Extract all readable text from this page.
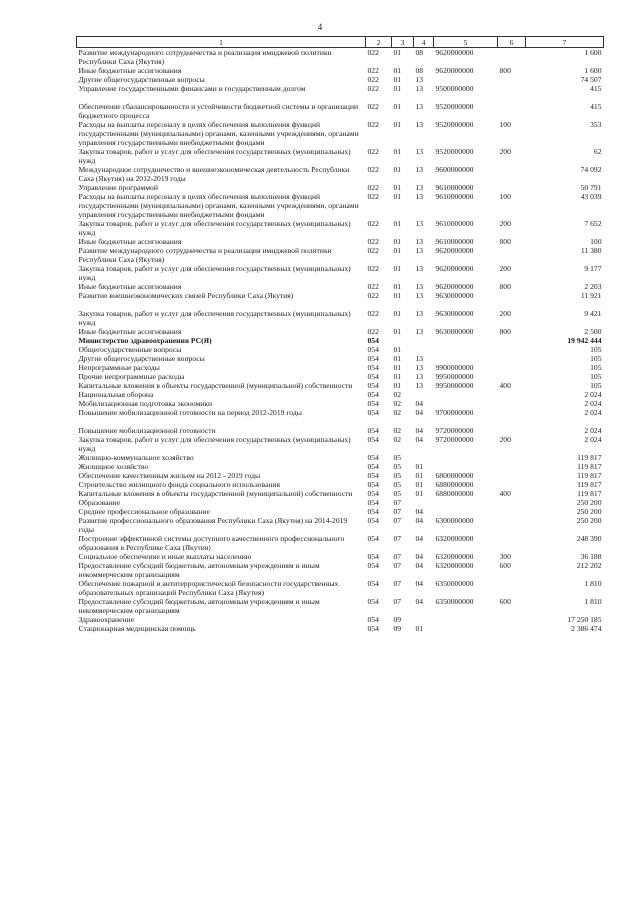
4
1	2	3	4	5	6	7
Развитие международного сотрудничества и реализация имиджевой политики Республики Саха (Якутия)	022	01	08	9620000000		1 600
Иные бюджетные ассигнования	022	01	08	9620000000	800	1 600
Другие общегосударственные вопросы	022	01	13			74 507
Управление государственными финансами и государственным долгом	022	01	13	9500000000		415
Обеспечение сбалансированности и устойчивости бюджетной системы и организации бюджетного процесса	022	01	13	9520000000		415
Расходы на выплаты персоналу в целях обеспечения выполнения функций государственными (муниципальными) органами, казенными учреждениями, органами управления государственными внебюджетными фондами	022	01	13	9520000000	100	353
Закупка товаров, работ и услуг для обеспечения государственных (муниципальных) нужд	022	01	13	9520000000	200	62
Международное сотрудничество и внешнеэкономическая деятельность Республики Саха (Якутия) на 2012-2019 годы	022	01	13	9600000000		74 092
Управление программой	022	01	13	9610000000		50 791
Расходы на выплаты персоналу в целях обеспечения выполнения функций государственными (муниципальными) органами, казенными учреждениями, органами управления государственными внебюджетными фондами	022	01	13	9610000000	100	43 039
Закупка товаров, работ и услуг для обеспечения государственных (муниципальных) нужд	022	01	13	9610000000	200	7 652
Иные бюджетные ассигнования	022	01	13	9610000000	800	100
Развитие международного сотрудничества и реализация имиджевой политики Республики Саха (Якутия)	022	01	13	9620000000		11 380
Закупка товаров, работ и услуг для обеспечения государственных (муниципальных) нужд	022	01	13	9620000000	200	9 177
Иные бюджетные ассигнования	022	01	13	9620000000	800	2 203
Развитие внешнеэкономических связей Республики Саха (Якутия)	022	01	13	9630000000		11 921
Закупка товаров, работ и услуг для обеспечения государственных (муниципальных) нужд	022	01	13	9630000000	200	9 421
Иные бюджетные ассигнования	022	01	13	9630000000	800	2 500
Министерство здравоохранения РС(Я)	054					19 942 444
Общегосударственные вопросы	054	01				105
Другие общегосударственные вопросы	054	01	13			105
Непрограммные расходы	054	01	13	9900000000		105
Прочие непрограммные расходы	054	01	13	9950000000		105
Капитальные вложения в объекты государственной (муниципальной) собственности	054	01	13	9950000000	400	105
Национальная оборона	054	02				2 024
Мобилизационная подготовка экономики	054	02	04			2 024
Повышение мобилизационной готовности на период 2012-2019 годы	054	02	04	9700000000		2 024
Повышение мобилизационной готовности	054	02	04	9720000000		2 024
Закупка товаров, работ и услуг для обеспечения государственных (муниципальных) нужд	054	02	04	9720000000	200	2 024
Жилищно-коммунальное хозяйство	054	05				119 817
Жилищное хозяйство	054	05	01			119 817
Обеспечение качественным жильем на 2012 - 2019 годы	054	05	01	6800000000		119 817
Строительство жилищного фонда социального использования	054	05	01	6880000000		119 817
Капитальные вложения в объекты государственной (муниципальной) собственности	054	05	01	6880000000	400	119 817
Образование	054	07				250 200
Среднее профессиональное образование	054	07	04			250 200
Развитие профессионального образования Республики Саха (Якутия) на 2014-2019 годы	054	07	04	6300000000		250 200
Построение эффективной системы доступного качественного профессионального образования в Республике Саха (Якутия)	054	07	04	6320000000		248 390
Социальное обеспечение и иные выплаты населению	054	07	04	6320000000	300	36 188
Предоставление субсидий бюджетным, автономным учреждениям и иным некоммерческим организациям	054	07	04	6320000000	600	212 202
Обеспечение пожарной и антитеррористической безопасности государственных образовательных организаций Республики Саха (Якутия)	054	07	04	6350000000		1 810
Предоставление субсидий бюджетным, автономным учреждениям и иным некоммерческим организациям	054	07	04	6350000000	600	1 810
Здравоохранение	054	09				17 250 185
Стационарная медицинская помощь	054	09	01			2 386 474
